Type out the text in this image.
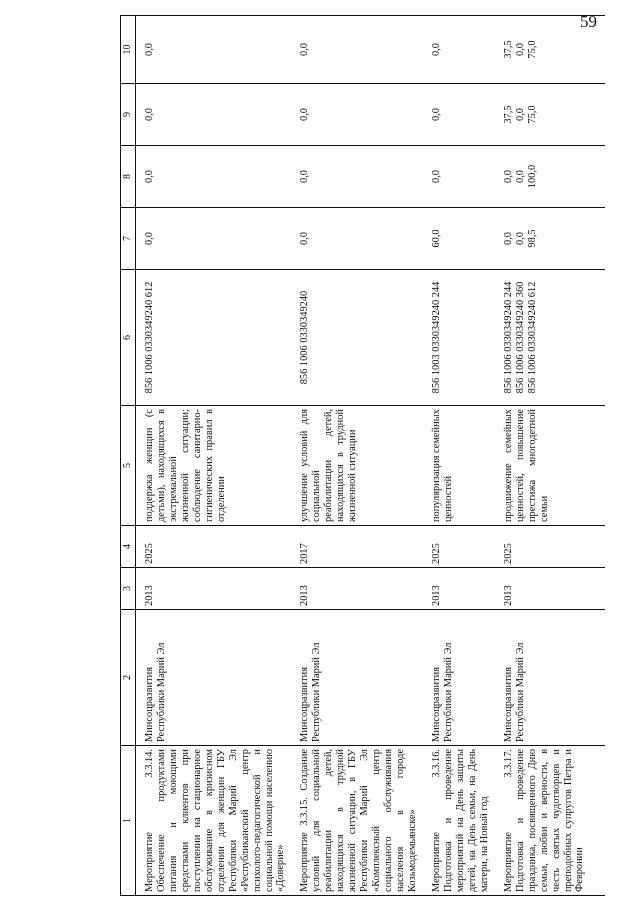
59
1	2	3	4	5	6	7	8	9	10
Мероприятие 3.3.14. Обеспечение продуктами питания и моющими средствами клиентов при поступлении на стационарное обслуживание в кризисном отделении для женщин ГБУ Республики Марий Эл «Республиканский центр психолого-педагогической и социальной помощи населению «Доверие»	Минсоцразвития Республики Марий Эл	2013	2025	поддержка женщин (с детьми), находящихся в экстремальной жизненной ситуации; соблюдение санитарно-гигиенических правил в отделении	856 1006 0330349240 612	0,0	0,0	0,0	0,0

Мероприятие 3.3.15. Создание условий для социальной реабилитации детей, находящихся в трудной жизненной ситуации, в ГБУ Республики Марий Эл «Комплексный центр социального обслуживания населения в городе Козьмодемьянске»	Минсоцразвития Республики Марий Эл	2013	2017	улучшение условий для социальной реабилитации детей, находящихся в трудной жизненной ситуации	856 1006 0330349240	0,0	0,0	0,0	0,0

Мероприятие 3.3.16. Подготовка и проведение мероприятий на День защиты детей, на День семьи, на День матери, на Новый год	Минсоцразвития Республики Марий Эл	2013	2025	популяризация семейных ценностей	856 1003 0330349240 244	60,0	0,0	0,0	0,0

Мероприятие 3.3.17. Подготовка и проведение праздника, посвященного Дню семьи, любви и верности, в честь святых чудотворцев и преподобных супругов Петра и Февронии	Минсоцразвития Республики Марий Эл	2013	2025	продвижение семейных ценностей, повышение престижа многодетной семьи	856 1006 0330349240 244 856 1006 0330349240 360 856 1006 0330349240 612	0,0 0,0 98,5	0,0 0,0 100,0	37,5 0,0 75,0	37,5 0,0 75,0
